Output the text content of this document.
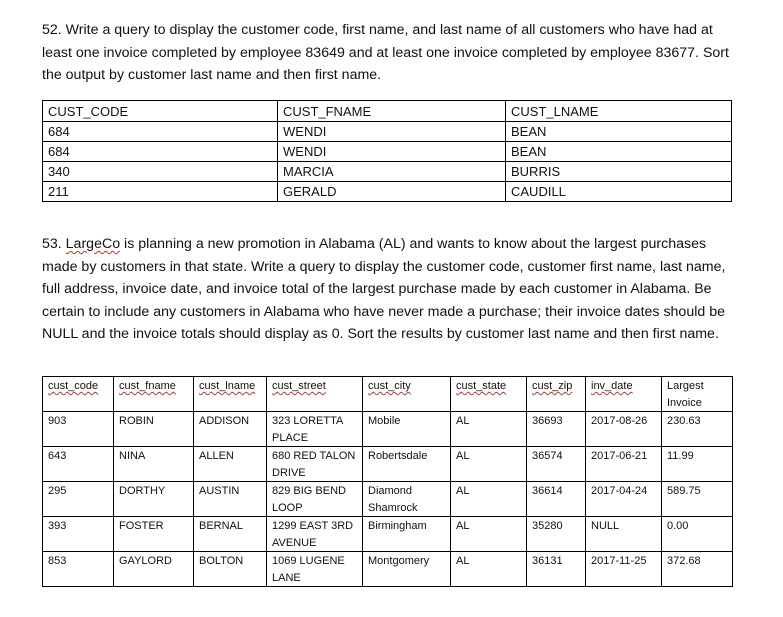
52. Write a query to display the customer code, first name, and last name of all customers who have had at least one invoice completed by employee 83649 and at least one invoice completed by employee 83677. Sort the output by customer last name and then first name.

CUST_CODE	CUST_FNAME	CUST_LNAME
684	WENDI	BEAN
684	WENDI	BEAN
340	MARCIA	BURRIS
211	GERALD	CAUDILL

53. LargeCo is planning a new promotion in Alabama (AL) and wants to know about the largest purchases made by customers in that state. Write a query to display the customer code, customer first name, last name, full address, invoice date, and invoice total of the largest purchase made by each customer in Alabama. Be certain to include any customers in Alabama who have never made a purchase; their invoice dates should be NULL and the invoice totals should display as 0. Sort the results by customer last name and then first name.

cust_code	cust_fname	cust_lname	cust_street	cust_city	cust_state	cust_zip	inv_date	Largest Invoice
903	ROBIN	ADDISON	323 LORETTA PLACE	Mobile	AL	36693	2017-08-26	230.63
643	NINA	ALLEN	680 RED TALON DRIVE	Robertsdale	AL	36574	2017-06-21	11.99
295	DORTHY	AUSTIN	829 BIG BEND LOOP	Diamond Shamrock	AL	36614	2017-04-24	589.75
393	FOSTER	BERNAL	1299 EAST 3RD AVENUE	Birmingham	AL	35280	NULL	0.00
853	GAYLORD	BOLTON	1069 LUGENE LANE	Montgomery	AL	36131	2017-11-25	372.68
